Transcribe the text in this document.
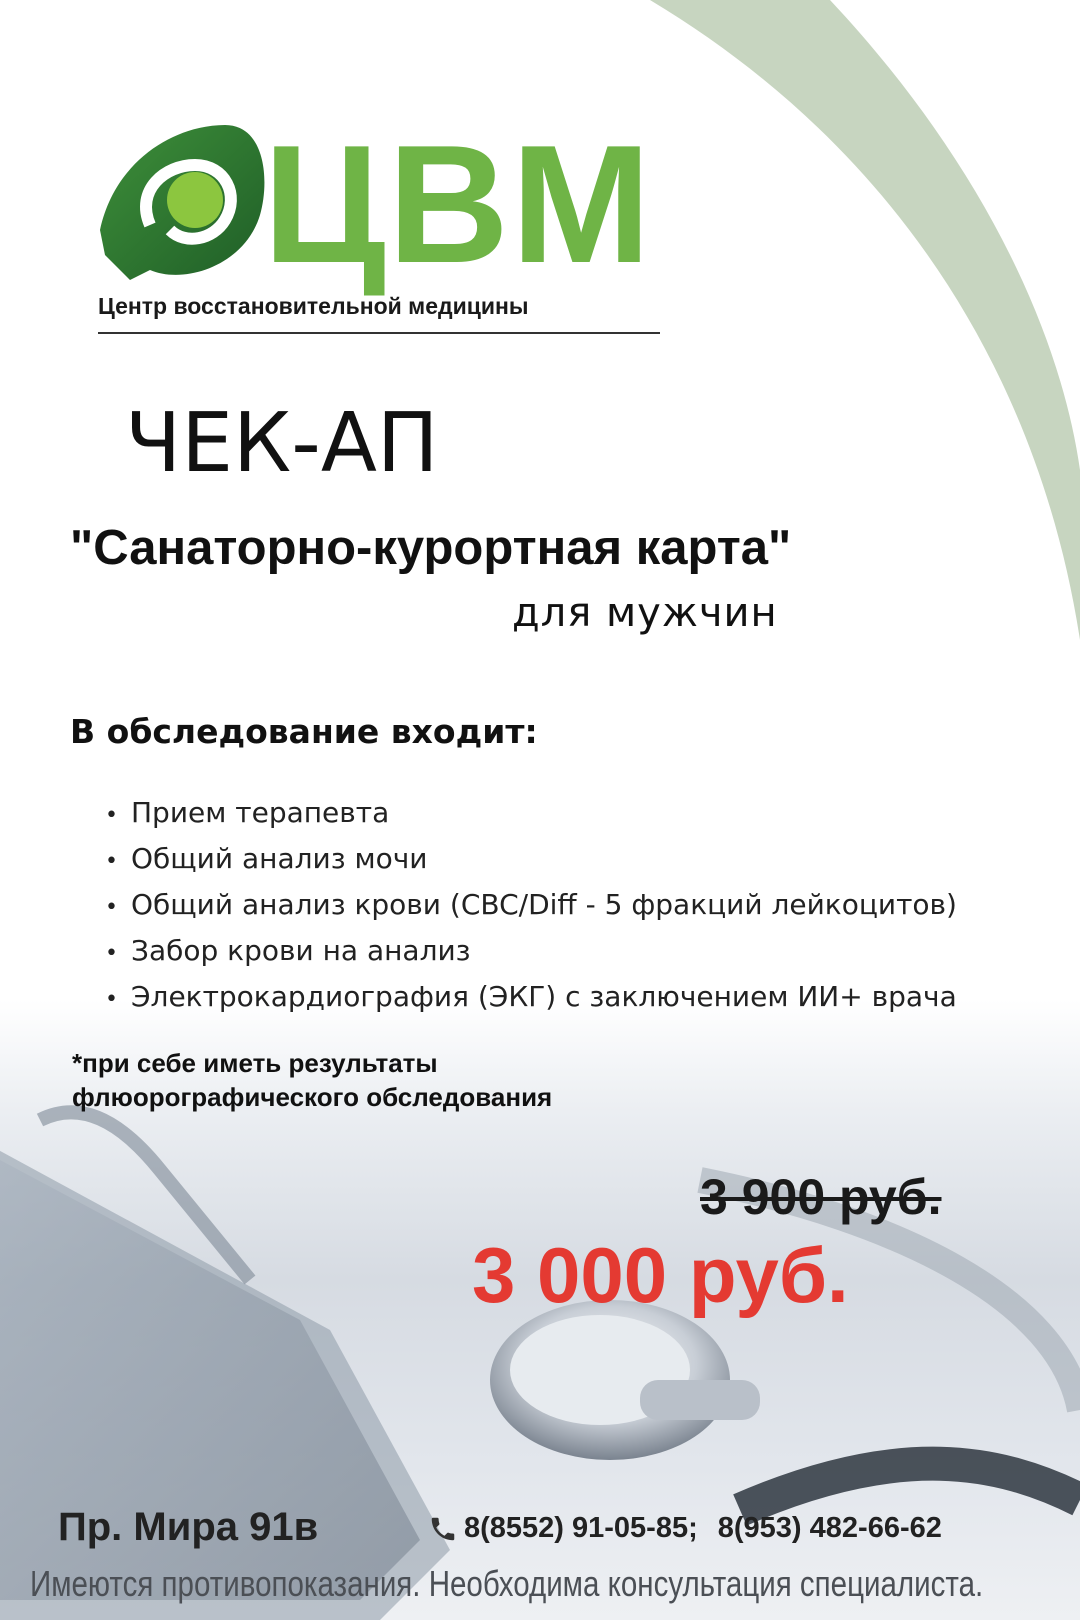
ЦВМ
Центр восстановительной медицины
ЧЕК-АП
"Санаторно-курортная карта"
для мужчин
В обследование входит:
• Прием терапевта
• Общий анализ мочи
• Общий анализ крови (CBC/Diff - 5 фракций лейкоцитов)
• Забор крови на анализ
• Электрокардиография (ЭКГ) с заключением ИИ+ врача
*при себе иметь результаты
флюорографического обследования
3 900 руб.
3 000 руб.
Пр. Мира 91в	8(8552) 91-05-85; 8(953) 482-66-62
Имеются противопоказания. Необходима консультация специалиста.
